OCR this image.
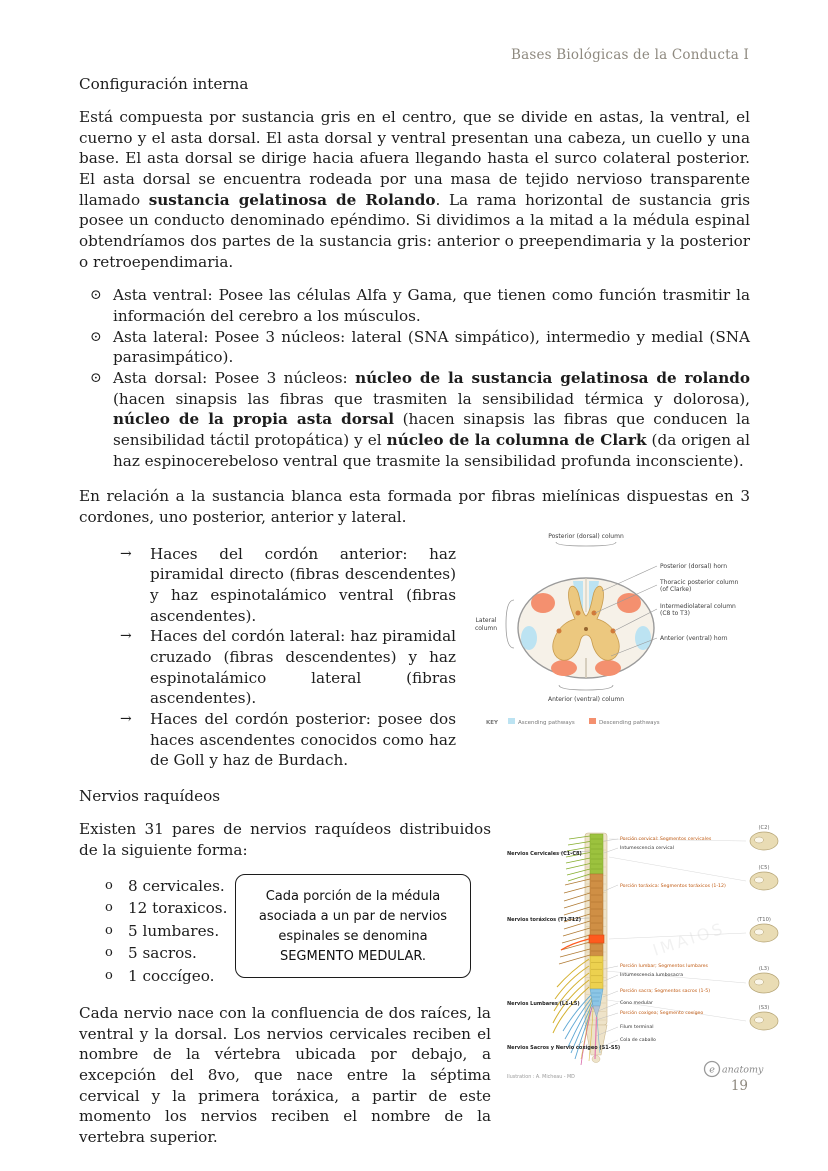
Bases Biológicas de la Conducta I
Configuración interna

Está compuesta por sustancia gris en el centro, que se divide en astas, la ventral, el cuerno y el asta dorsal. El asta dorsal y ventral presentan una cabeza, un cuello y una base. El asta dorsal se dirige hacia afuera llegando hasta el surco colateral posterior. El asta dorsal se encuentra rodeada por una masa de tejido nervioso transparente llamado sustancia gelatinosa de Rolando. La rama horizontal de sustancia gris posee un conducto denominado epéndimo. Si dividimos a la mitad a la médula espinal obtendríamos dos partes de la sustancia gris: anterior o preependimaria y la posterior o retroependimaria.

⊙ Asta ventral: Posee las células Alfa y Gama, que tienen como función trasmitir la información del cerebro a los músculos.
⊙ Asta lateral: Posee 3 núcleos: lateral (SNA simpático), intermedio y medial (SNA parasimpático).
⊙ Asta dorsal: Posee 3 núcleos: núcleo de la sustancia gelatinosa de rolando (hacen sinapsis las fibras que trasmiten la sensibilidad térmica y dolorosa), núcleo de la propia asta dorsal (hacen sinapsis las fibras que conducen la sensibilidad táctil protopática) y el núcleo de la columna de Clark (da origen al haz espinocerebeloso ventral que trasmite la sensibilidad profunda inconsciente).

En relación a la sustancia blanca esta formada por fibras mielínicas dispuestas en 3 cordones, uno posterior, anterior y lateral.

→	Haces del cordón anterior: haz piramidal directo (fibras descendentes) y haz espinotalámico ventral (fibras ascendentes).
→	Haces del cordón lateral: haz piramidal cruzado (fibras descendentes) y haz espinotalámico lateral (fibras ascendentes).
→	Haces del cordón posterior: posee dos haces ascendentes conocidos como haz de Goll y haz de Burdach.
Posterior (dorsal) column
Lateral
column
Posterior (dorsal) horn
Thoracic posterior column
(of Clarke)
Intermediolateral column
(C8 to T3)
Anterior (ventral) horn
Anterior (ventral) column
KEY	Ascending pathways	Descending pathways
Nervios raquídeos

Existen 31 pares de nervios raquídeos distribuidos de la siguiente forma:

o 8 cervicales.
o 12 toraxicos.
o 5 lumbares.
o 5 sacros.
o 1 coccígeo.
Cada porción de la médula asociada a un par de nervios espinales se denomina SEGMENTO MEDULAR.

Cada nervio nace con la confluencia de dos raíces, la ventral y la dorsal. Los nervios cervicales reciben el nombre de la vértebra ubicada por debajo, a excepción del 8vo, que nace entre la séptima cervical y la primera toráxica, a partir de este momento los nervios reciben el nombre de la vertebra superior.

IMAIOS
Nervios Cervicales (C1-C8)
Nervios toráxicos (T1-T12)
Nervios Lumbares (L1-L5)
Nervios Sacros y Nervio coxígeo (S1-S5)
Porción cervical: Segmentos cervicales
Intumescencia cervical
Porción toráxica: Segmentos toráxicos (1-12)
Porción lumbar; Segmentos lumbares
Intumescencia lumbosacra
Porción sacra; Segmentos sacros (1-5)
Cono medular
Porción coxígea; Segmento coxígeo
Filum terminal
Cola de caballo
(C2)
(C5)
(T10)
(L3)
(S3)
Ilustration : A. Micheau - MD
e anatomy
19
